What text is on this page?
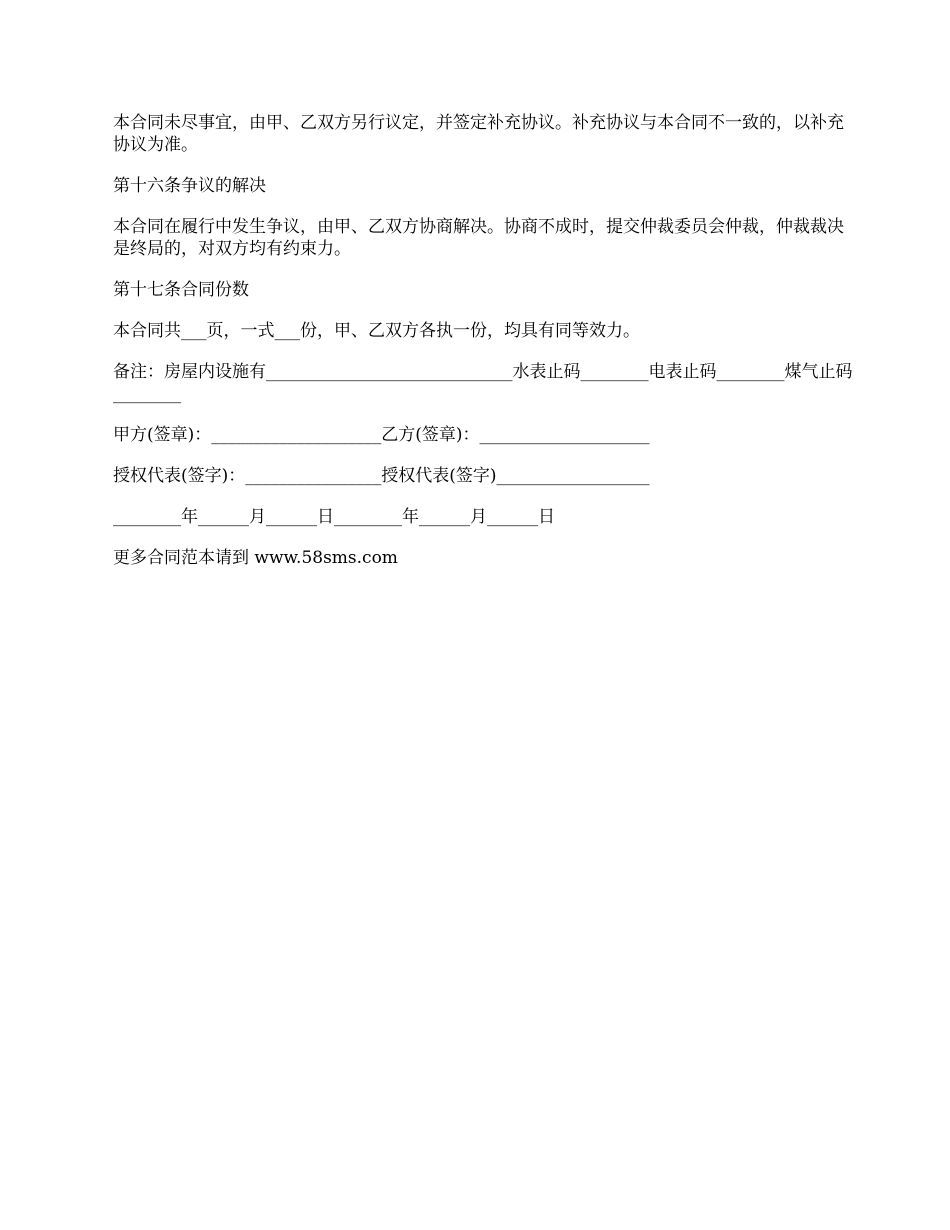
本合同未尽事宜，由甲、乙双方另行议定，并签定补充协议。补充协议与本合同不一致的，以补充协议为准。

第十六条争议的解决

本合同在履行中发生争议，由甲、乙双方协商解决。协商不成时，提交仲裁委员会仲裁，仲裁裁决是终局的，对双方均有约束力。

第十七条合同份数

本合同共___页，一式___份，甲、乙双方各执一份，均具有同等效力。

备注：房屋内设施有_____________________________水表止码________电表止码________煤气止码________

甲方(签章)：____________________乙方(签章)：____________________

授权代表(签字)：________________授权代表(签字)__________________

________年______月______日________年______月______日

更多合同范本请到 www.58sms.com
